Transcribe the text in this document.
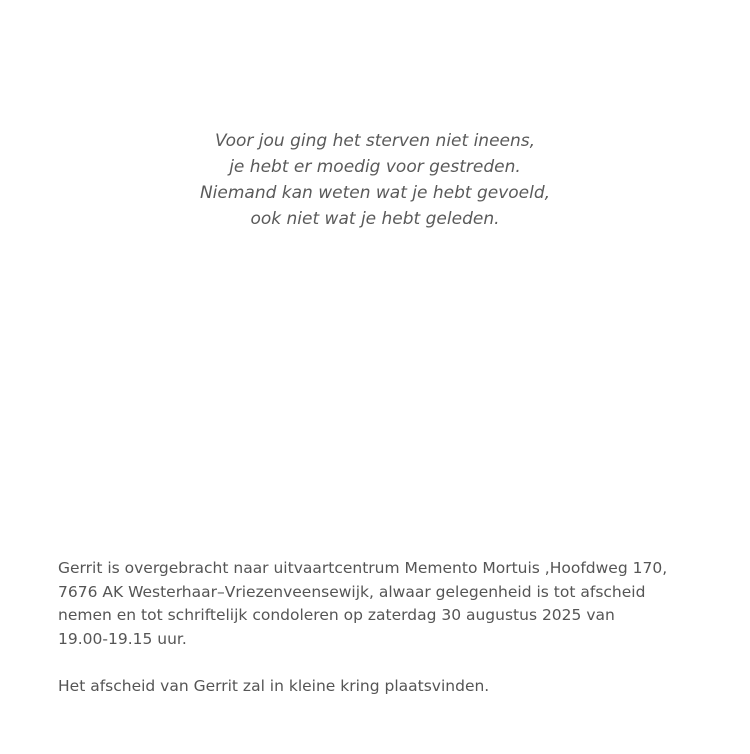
Voor jou ging het sterven niet ineens,
je hebt er moedig voor gestreden.
Niemand kan weten wat je hebt gevoeld,
ook niet wat je hebt geleden.
Gerrit is overgebracht naar uitvaartcentrum Memento Mortuis ,Hoofdweg 170,
7676 AK Westerhaar–Vriezenveensewijk, alwaar gelegenheid is tot afscheid
nemen en tot schriftelijk condoleren op zaterdag 30 augustus 2025 van
19.00-19.15 uur.
Het afscheid van Gerrit zal in kleine kring plaatsvinden.
